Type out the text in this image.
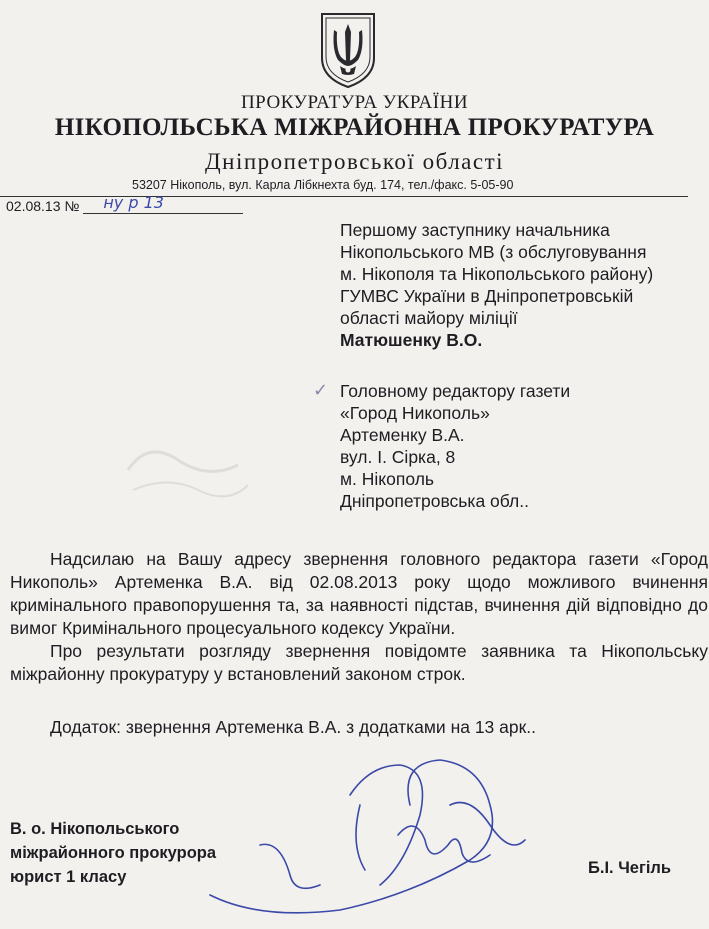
ПРОКУРАТУРА УКРАЇНИ
НІКОПОЛЬСЬКА МІЖРАЙОННА ПРОКУРАТУРА
Дніпропетровської області
53207 Нікополь, вул. Карла Лібкнехта буд. 174, тел./факс. 5-05-90
02.08.13 № ну р 13
Першому заступнику начальника
Нікопольського МВ (з обслуговування
м. Нікополя та Нікопольського району)
ГУМВС України в Дніпропетровській
області майору міліції
Матюшенку В.О.
✓ Головному редактору газети
«Город Никополь»
Артеменку В.А.
вул. І. Сірка, 8
м. Нікополь
Дніпропетровська обл..

Надсилаю на Вашу адресу звернення головного редактора газети «Город Никополь» Артеменка В.А. від 02.08.2013 року щодо можливого вчинення кримінального правопорушення та, за наявності підстав, вчинення дій відповідно до вимог Кримінального процесуального кодексу України.

Про результати розгляду звернення повідомте заявника та Нікопольську міжрайонну прокуратуру у встановлений законом строк.

Додаток: звернення Артеменка В.А. з додатками на 13 арк..
В. о. Нікопольського
міжрайонного прокурора
юрист 1 класу	Б.І. Чегіль
